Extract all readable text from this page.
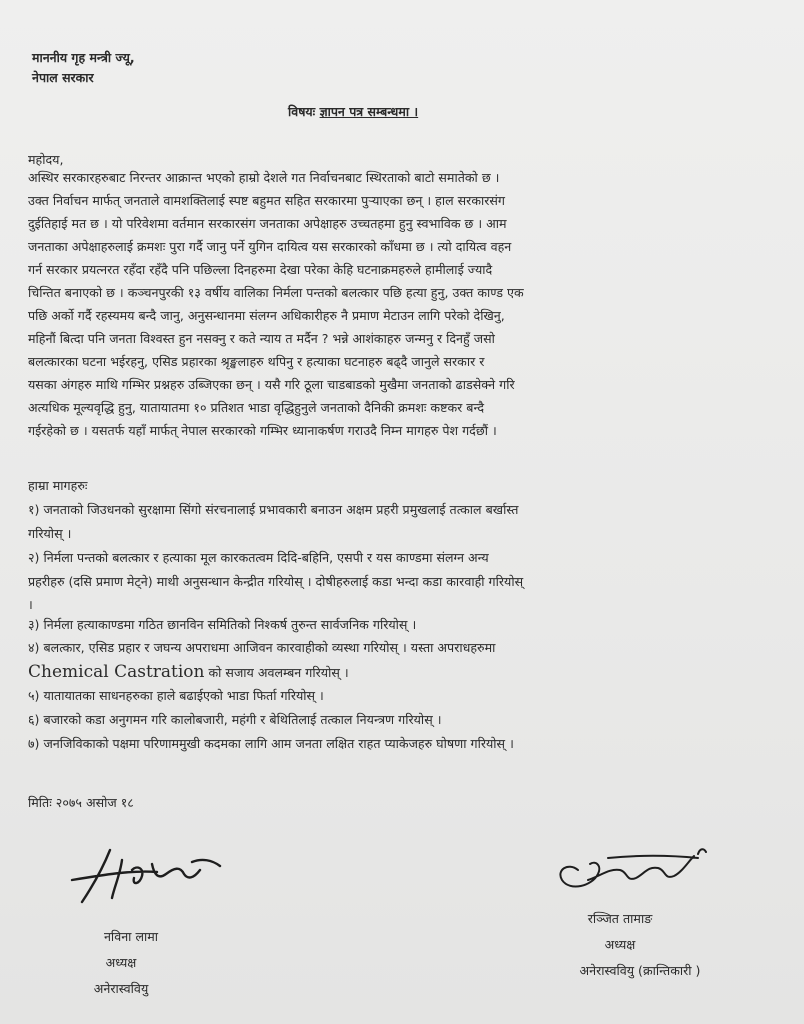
माननीय गृह मन्त्री ज्यू,
नेपाल सरकार
विषयः ज्ञापन पत्र सम्बन्धमा ।
महोदय,
अस्थिर सरकारहरुबाट निरन्तर आक्रान्त भएको हाम्रो देशले गत निर्वाचनबाट स्थिरताको बाटो समातेको छ ।
उक्त निर्वाचन मार्फत् जनताले वामशक्तिलाई स्पष्ट बहुमत सहित सरकारमा पुऱ्याएका छन् । हाल सरकारसंग
दुईतिहाई मत छ । यो परिवेशमा वर्तमान सरकारसंग जनताका अपेक्षाहरु उच्चतहमा हुनु स्वभाविक छ । आम
जनताका अपेक्षाहरुलाई क्रमशः पुरा गर्दै जानु पर्ने युगिन दायित्व यस सरकारको काँधमा छ । त्यो दायित्व वहन
गर्न सरकार प्रयत्नरत रहँदा रहँदै पनि पछिल्ला दिनहरुमा देखा परेका केहि घटनाक्रमहरुले हामीलाई ज्यादै
चिन्तित बनाएको छ । कञ्चनपुरकी १३ वर्षीय वालिका निर्मला पन्तको बलत्कार पछि हत्या हुनु, उक्त काण्ड एक
पछि अर्को गर्दै रहस्यमय बन्दै जानु, अनुसन्धानमा संलग्न अधिकारीहरु नै प्रमाण मेटाउन लागि परेको देखिनु,
महिनौं बित्दा पनि जनता विश्वस्त हुन नसक्नु र कते न्याय त मर्दैन ? भन्ने आशंकाहरु जन्मनु र दिनहुँ जसो
बलत्कारका घटना भईरहनु, एसिड प्रहारका श्रृङ्खलाहरु थपिनु र हत्याका घटनाहरु बढ्दै जानुले सरकार र
यसका अंगहरु माथि गम्भिर प्रश्नहरु उब्जिएका छन् । यसै गरि ठूला चाडबाडको मुखैमा जनताको ढाडसेक्ने गरि
अत्यधिक मूल्यवृद्धि हुनु, यातायातमा १० प्रतिशत भाडा वृद्धिहुनुले जनताको दैनिकी क्रमशः कष्टकर बन्दै
गईरहेको छ । यसतर्फ यहाँ मार्फत् नेपाल सरकारको गम्भिर ध्यानाकर्षण गराउदै निम्न मागहरु पेश गर्दछौं ।
हाम्रा मागहरुः
१) जनताको जिउधनको सुरक्षामा सिंगो संरचनालाई प्रभावकारी बनाउन अक्षम प्रहरी प्रमुखलाई तत्काल बर्खास्त
गरियोस् ।
२) निर्मला पन्तको बलत्कार र हत्याका मूल कारकतत्वम दिदि-बहिनि, एसपी र यस काण्डमा संलग्न अन्य
प्रहरीहरु (दसि प्रमाण मेट्ने) माथी अनुसन्धान केन्द्रीत गरियोस् । दोषीहरुलाई कडा भन्दा कडा कारवाही गरियोस्
।
३) निर्मला हत्याकाण्डमा गठित छानविन समितिको निश्कर्ष तुरुन्त सार्वजनिक गरियोस् ।
४) बलत्कार, एसिड प्रहार र जघन्य अपराधमा आजिवन कारवाहीको व्यस्था गरियोस् । यस्ता अपराधहरुमा
Chemical Castration को सजाय अवलम्बन गरियोस् ।
५) यातायातका साधनहरुका हाले बढाईएको भाडा फिर्ता गरियोस् ।
६) बजारको कडा अनुगमन गरि कालोबजारी, महंगी र बेथितिलाई तत्काल नियन्त्रण गरियोस् ।
७) जनजिविकाको पक्षमा परिणाममुखी कदमका लागि आम जनता लक्षित राहत प्याकेजहरु घोषणा गरियोस् ।
मितिः २०७५ असोज १८
नविना लामा
अध्यक्ष
अनेरास्ववियु
रञ्जित तामाङ
अध्यक्ष
अनेरास्ववियु (क्रान्तिकारी )
